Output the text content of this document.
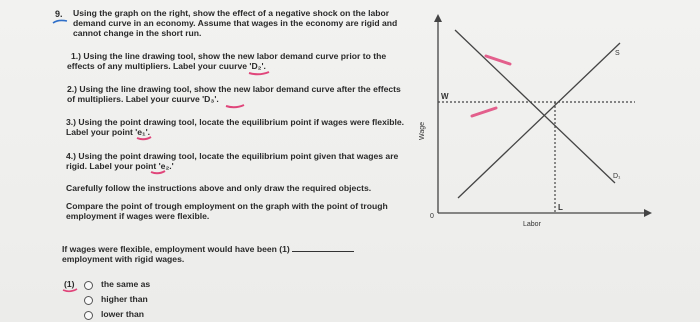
9. Using the graph on the right, show the effect of a negative shock on the labor
demand curve in an economy. Assume that wages in the economy are rigid and
cannot change in the short run.
1.) Using the line drawing tool, show the new labor demand curve prior to the
effects of any multipliers. Label your cuurve 'D₂'.
2.) Using the line drawing tool, show the new labor demand curve after the effects
of multipliers. Label your cuurve 'D₃'.
3.) Using the point drawing tool, locate the equilibrium point if wages were flexible.
Label your point 'e₁'.
4.) Using the point drawing tool, locate the equilibrium point given that wages are
rigid. Label your point 'e₂.'
Carefully follow the instructions above and only draw the required objects.
Compare the point of trough employment on the graph with the point of trough
employment if wages were flexible.
If wages were flexible, employment would have been (1)
employment with rigid wages.
(1)	the same as
higher than
lower than
W
L
S
D₁
0
Labor
Wage
